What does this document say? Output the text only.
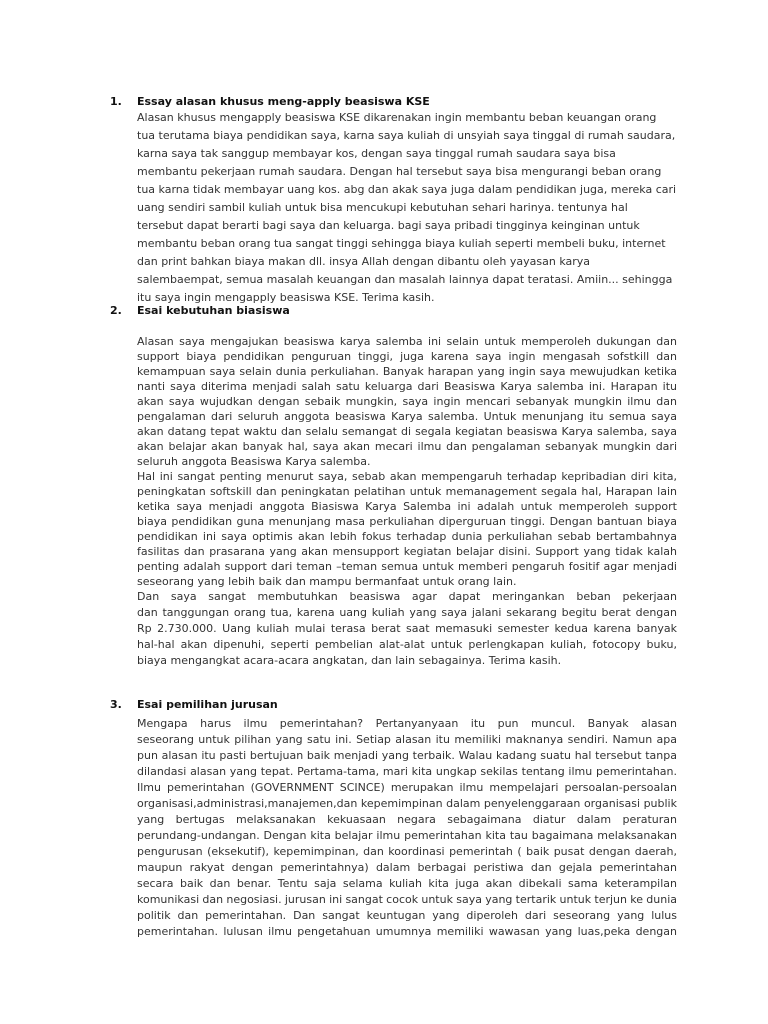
1. Essay alasan khusus meng-apply beasiswa KSE
Alasan khusus mengapply beasiswa KSE dikarenakan ingin membantu beban keuangan orang
tua terutama biaya pendidikan saya, karna saya kuliah di unsyiah saya tinggal di rumah saudara,
karna saya tak sanggup membayar kos, dengan saya tinggal rumah saudara saya bisa
membantu pekerjaan rumah saudara. Dengan hal tersebut saya bisa mengurangi beban orang
tua karna tidak membayar uang kos. abg dan akak saya juga dalam pendidikan juga, mereka cari
uang sendiri sambil kuliah untuk bisa mencukupi kebutuhan sehari harinya. tentunya hal
tersebut dapat berarti bagi saya dan keluarga. bagi saya pribadi tingginya keinginan untuk
membantu beban orang tua sangat tinggi sehingga biaya kuliah seperti membeli buku, internet
dan print bahkan biaya makan dll. insya Allah dengan dibantu oleh yayasan karya
salembaempat, semua masalah keuangan dan masalah lainnya dapat teratasi. Amiin... sehingga
itu saya ingin mengapply beasiswa KSE. Terima kasih.
2. Esai kebutuhan biasiswa
Alasan saya mengajukan beasiswa karya salemba ini selain untuk memperoleh dukungan dan
support biaya pendidikan penguruan tinggi, juga karena saya ingin mengasah sofstkill dan
kemampuan saya selain dunia perkuliahan. Banyak harapan yang ingin saya mewujudkan ketika
nanti saya diterima menjadi salah satu keluarga dari Beasiswa Karya salemba ini. Harapan itu
akan saya wujudkan dengan sebaik mungkin, saya ingin mencari sebanyak mungkin ilmu dan
pengalaman dari seluruh anggota beasiswa Karya salemba. Untuk menunjang itu semua saya
akan datang tepat waktu dan selalu semangat di segala kegiatan beasiswa Karya salemba, saya
akan belajar akan banyak hal, saya akan mecari ilmu dan pengalaman sebanyak mungkin dari
seluruh anggota Beasiswa Karya salemba.
Hal ini sangat penting menurut saya, sebab akan mempengaruh terhadap kepribadian diri kita,
peningkatan softskill dan peningkatan pelatihan untuk memanagement segala hal, Harapan lain
ketika saya menjadi anggota Biasiswa Karya Salemba ini adalah untuk memperoleh support
biaya pendidikan guna menunjang masa perkuliahan diperguruan tinggi. Dengan bantuan biaya
pendidikan ini saya optimis akan lebih fokus terhadap dunia perkuliahan sebab bertambahnya
fasilitas dan prasarana yang akan mensupport kegiatan belajar disini. Support yang tidak kalah
penting adalah support dari teman –teman semua untuk memberi pengaruh fositif agar menjadi
seseorang yang lebih baik dan mampu bermanfaat untuk orang lain.
Dan saya sangat membutuhkan beasiswa agar dapat meringankan beban pekerjaan
dan tanggungan orang tua, karena uang kuliah yang saya jalani sekarang begitu berat dengan
Rp 2.730.000. Uang kuliah mulai terasa berat saat memasuki semester kedua karena banyak
hal-hal akan dipenuhi, seperti pembelian alat-alat untuk perlengkapan kuliah, fotocopy buku,
biaya mengangkat acara-acara angkatan, dan lain sebagainya. Terima kasih.
3. Esai pemilihan jurusan
Mengapa harus ilmu pemerintahan? Pertanyanyaan itu pun muncul. Banyak alasan
seseorang untuk pilihan yang satu ini. Setiap alasan itu memiliki maknanya sendiri. Namun apa
pun alasan itu pasti bertujuan baik menjadi yang terbaik. Walau kadang suatu hal tersebut tanpa
dilandasi alasan yang tepat. Pertama-tama, mari kita ungkap sekilas tentang ilmu pemerintahan.
Ilmu pemerintahan (GOVERNMENT SCINCE) merupakan ilmu mempelajari persoalan-persoalan
organisasi,administrasi,manajemen,dan kepemimpinan dalam penyelenggaraan organisasi publik
yang bertugas melaksanakan kekuasaan negara sebagaimana diatur dalam peraturan
perundang-undangan. Dengan kita belajar ilmu pemerintahan kita tau bagaimana melaksanakan
pengurusan (eksekutif), kepemimpinan, dan koordinasi pemerintah ( baik pusat dengan daerah,
maupun rakyat dengan pemerintahnya) dalam berbagai peristiwa dan gejala pemerintahan
secara baik dan benar. Tentu saja selama kuliah kita juga akan dibekali sama keterampilan
komunikasi dan negosiasi. jurusan ini sangat cocok untuk saya yang tertarik untuk terjun ke dunia
politik dan pemerintahan. Dan sangat keuntugan yang diperoleh dari seseorang yang lulus
pemerintahan. lulusan ilmu pengetahuan umumnya memiliki wawasan yang luas,peka dengan
